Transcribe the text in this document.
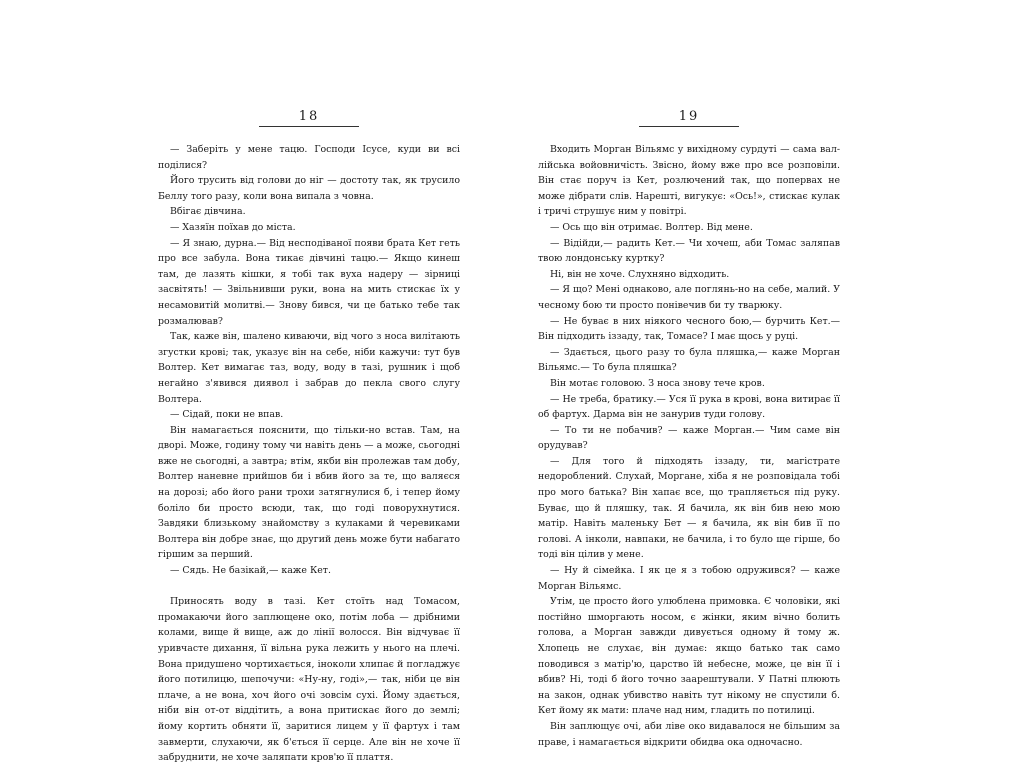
18

— Заберіть у мене тацю. Господи Ісусе, куди ви всі поділися?

Його трусить від голови до ніг — достоту так, як трусило Беллу того разу, коли вона випала з човна.

Вбігає дівчина.

— Хазяїн поїхав до міста.

— Я знаю, дурна.— Від несподіваної появи брата Кет геть про все забула. Вона тикає дівчині тацю.— Якщо кинеш там, де лазять кішки, я тобі так вуха надеру — зірниці засвітять! — Звільнивши руки, вона на мить стискає їх у несамовитій молитві.— Знову бився, чи це батько тебе так розмалював?

Так, каже він, шалено киваючи, від чого з носа вилітають згустки крові; так, указує він на себе, ніби кажучи: тут був Волтер. Кет вимагає таз, воду, воду в тазі, рушник і щоб негайно з'явився диявол і забрав до пекла свого слугу Волтера.

— Сідай, поки не впав.

Він намагається пояснити, що тільки-но встав. Там, на дворі. Може, годину тому чи навіть день — а може, сьогодні вже не сьогодні, а завтра; втім, якби він пролежав там добу, Волтер наневне прийшов би і вбив його за те, що валяєся на дорозі; або його рани трохи затягнулися б, і тепер йому боліло би просто всюди, так, що годі поворухнутися. Завдяки близькому знайомству з кулаками й черевиками Волтера він добре знає, що другий день може бути набагато гіршим за перший.

— Сядь. Не базікай,— каже Кет.

Приносять воду в тазі. Кет стоїть над Томасом, промакаючи його заплющене око, потім лоба — дрібними колами, вище й вище, аж до лінії волосся. Він відчуває її уривчасте дихання, її вільна рука лежить у нього на плечі. Вона придушено чортихається, іноколи хлипає й погладжує його потилицю, шепочучи: «Ну-ну, годі»,— так, ніби це він плаче, а не вона, хоч його очі зовсім сухі. Йому здається, ніби він от-от віддітить, а вона притискає його до землі; йому кортить обняти її, заритися лицем у її фартух і там завмерти, слухаючи, як б'ється її серце. Але він не хоче її забруднити, не хоче заляпати кров'ю її плаття.

19

Входить Морган Вільямс у вихідному сурдуті — сама вал-лійська войовничість. Звісно, йому вже про все розповіли. Він стає поруч із Кет, розлючений так, що попервах не може дібрати слів. Нарешті, вигукує: «Ось!», стискає кулак і тричі струшує ним у повітрі.

— Ось що він отримає. Волтер. Від мене.

— Відійди,— радить Кет.— Чи хочеш, аби Томас заляпав твою лондонську куртку?

Ні, він не хоче. Слухняно відходить.

— Я що? Мені однаково, але поглянь-но на себе, малий. У чесному бою ти просто понівечив би ту тварюку.

— Не буває в них ніякого чесного бою,— бурчить Кет.— Він підходить іззаду, так, Томасе? І має щось у руці.

— Здається, цього разу то була пляшка,— каже Морган Вільямс.— То була пляшка?

Він мотає головою. З носа знову тече кров.

— Не треба, братику.— Уся її рука в крові, вона витирає її об фартух. Дарма він не занурив туди голову.

— То ти не побачив? — каже Морган.— Чим саме він орудував?

— Для того й підходять іззаду, ти, магістрате недороблений. Слухай, Моргане, хіба я не розповідала тобі про мого батька? Він хапає все, що трапляється під руку. Буває, що й пляшку, так. Я бачила, як він бив нею мою матір. Навіть маленьку Бет — я бачила, як він бив її по голові. А інколи, навпаки, не бачила, і то було ще гірше, бо тоді він цілив у мене.

— Ну й сімейка. І як це я з тобою одружився? — каже Морган Вільямс.

Утім, це просто його улюблена примовка. Є чоловіки, які постійно шморгають носом, є жінки, яким вічно болить голова, а Морган завжди дивується одному й тому ж. Хлопець не слухає, він думає: якщо батько так само поводився з матір'ю, царство їй небесне, може, це він її і вбив? Ні, тоді б його точно заарештували. У Патні плюють на закон, однак убивство навіть тут нікому не спустили б. Кет йому як мати: плаче над ним, гладить по потилиці.

Він заплющує очі, аби ліве око видавалося не більшим за праве, і намагається відкрити обидва ока одночасно.
